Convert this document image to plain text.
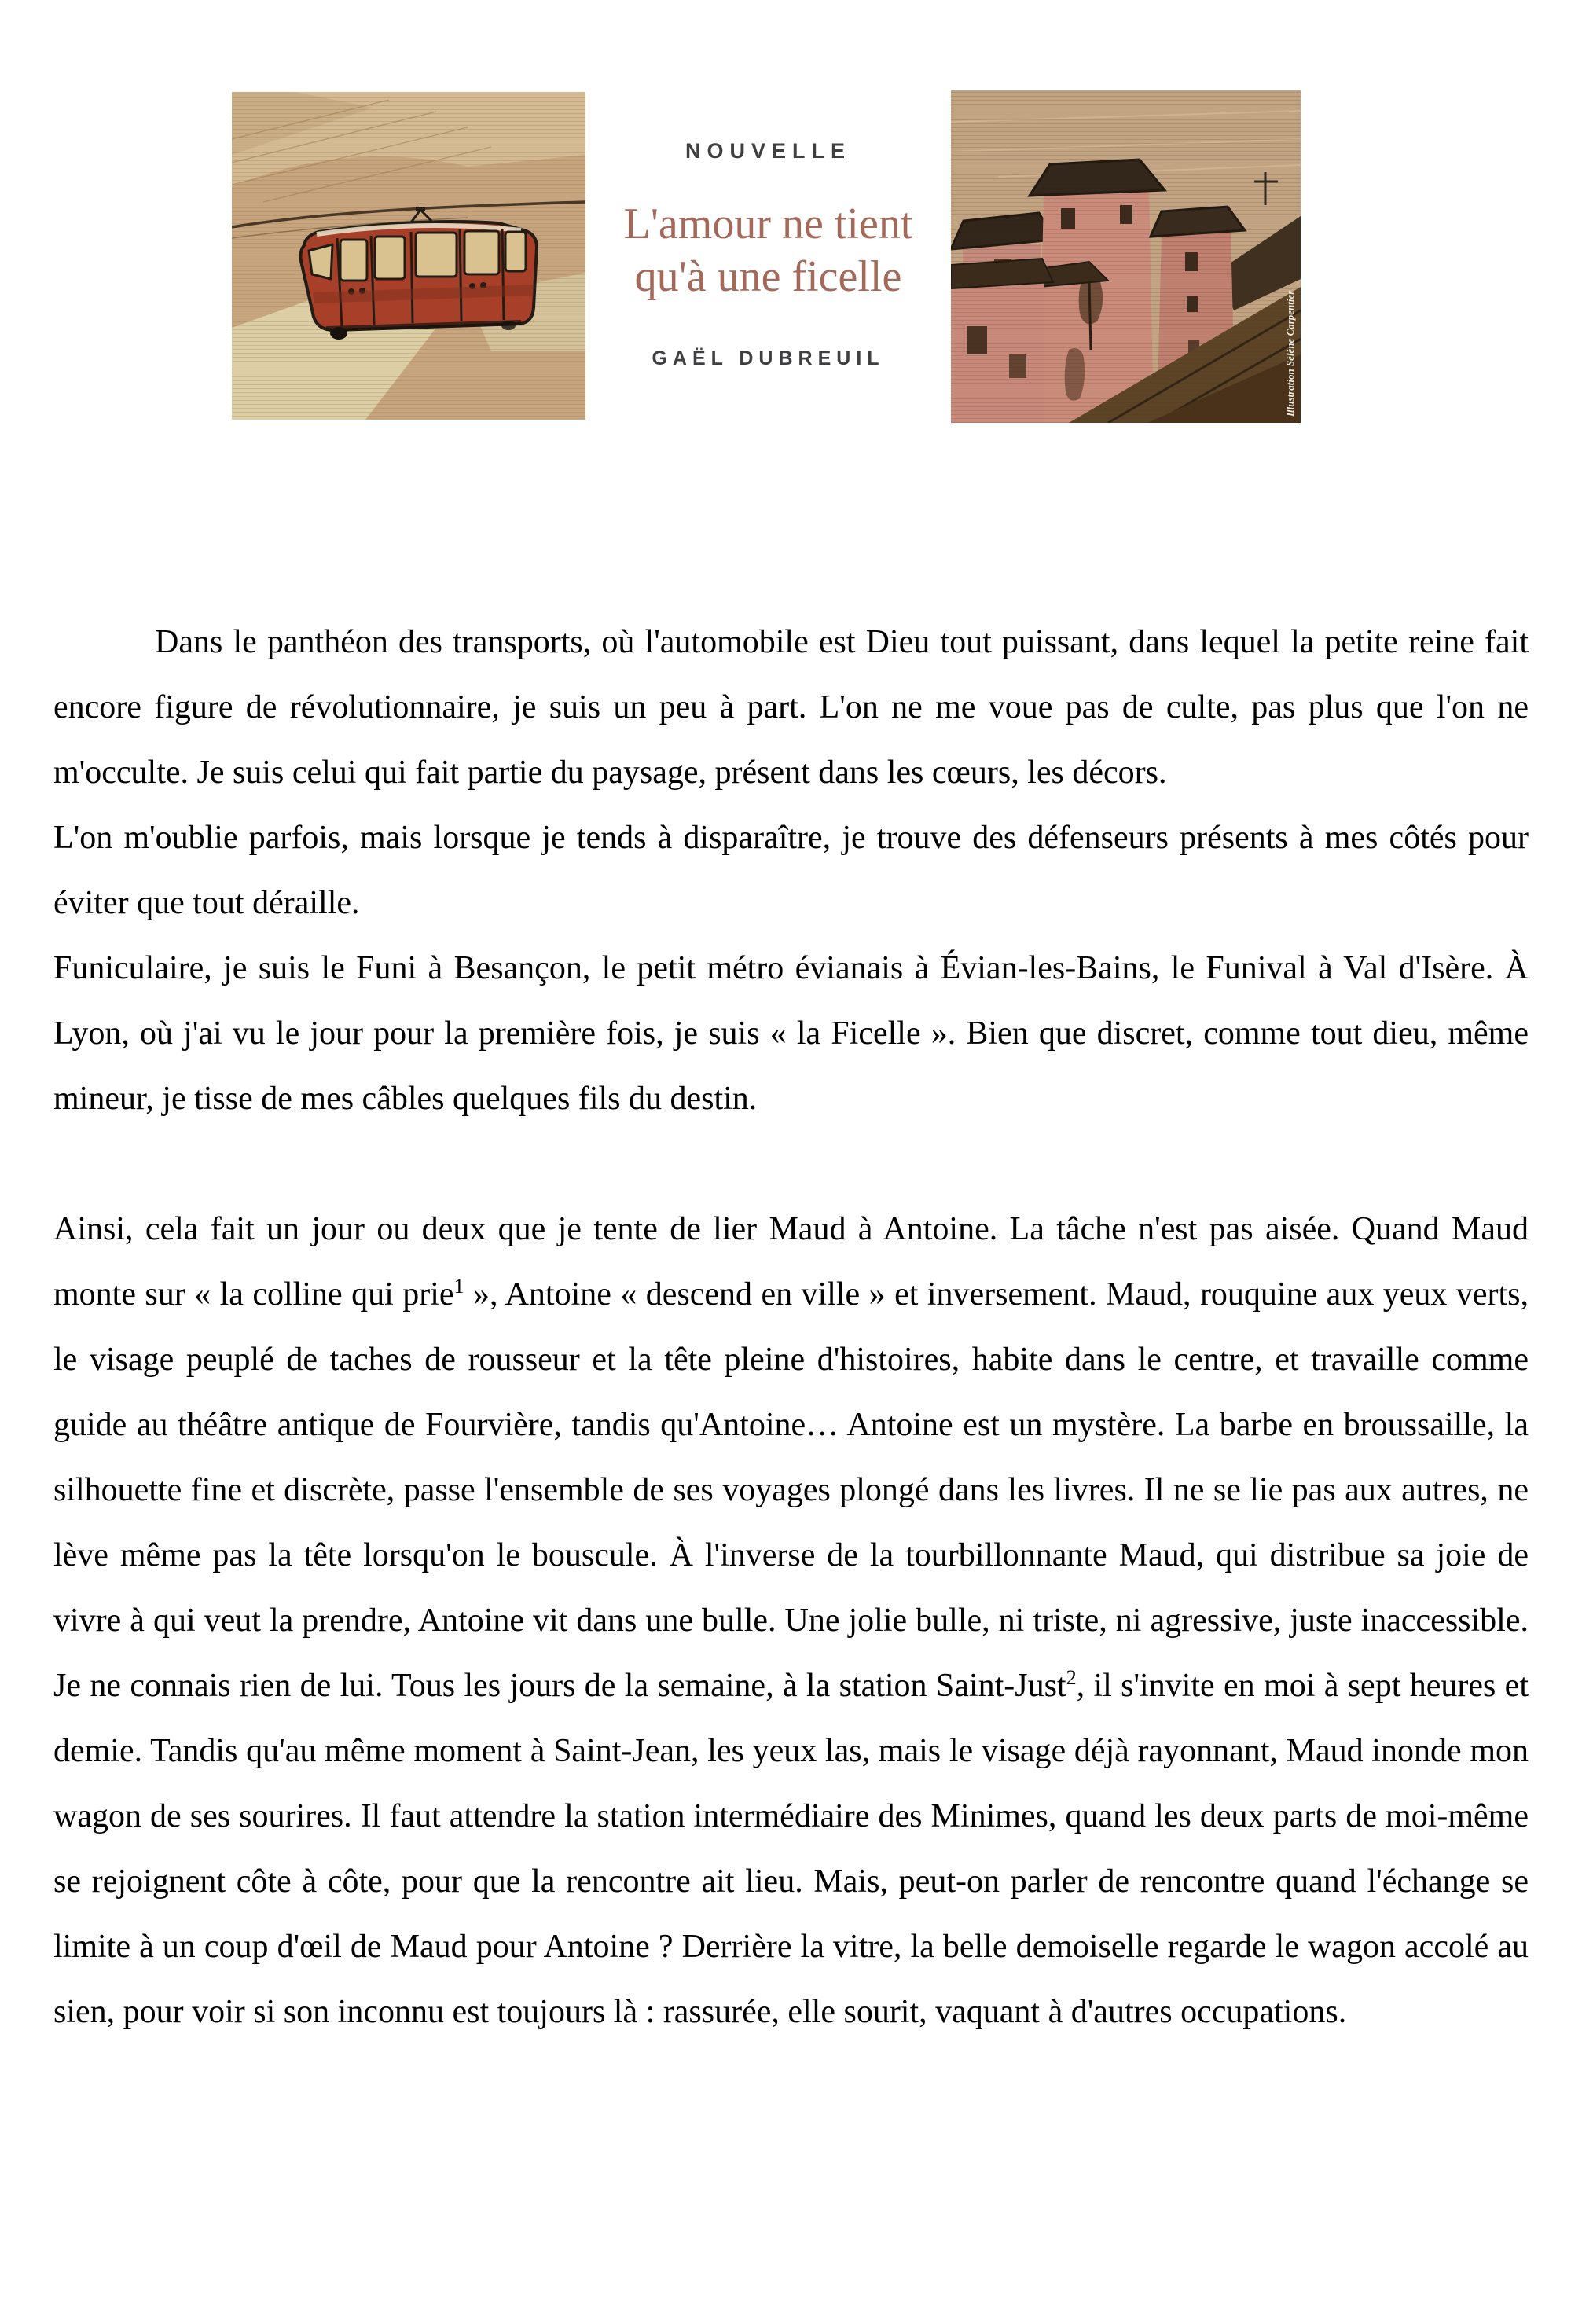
NOUVELLE
L'amour ne tient
qu'à une ficelle
GAËL DUBREUIL	Illustration Sélène Carpentier

Dans le panthéon des transports, où l'automobile est Dieu tout puissant, dans lequel la petite reine fait encore figure de révolutionnaire, je suis un peu à part. L'on ne me voue pas de culte, pas plus que l'on ne m'occulte. Je suis celui qui fait partie du paysage, présent dans les cœurs, les décors.

L'on m'oublie parfois, mais lorsque je tends à disparaître, je trouve des défenseurs présents à mes côtés pour éviter que tout déraille.

Funiculaire, je suis le Funi à Besançon, le petit métro évianais à Évian-les-Bains, le Funival à Val d'Isère. À Lyon, où j'ai vu le jour pour la première fois, je suis « la Ficelle ». Bien que discret, comme tout dieu, même mineur, je tisse de mes câbles quelques fils du destin.

Ainsi, cela fait un jour ou deux que je tente de lier Maud à Antoine. La tâche n'est pas aisée. Quand Maud monte sur « la colline qui prie$^1$ », Antoine « descend en ville » et inversement. Maud, rouquine aux yeux verts, le visage peuplé de taches de rousseur et la tête pleine d'histoires, habite dans le centre, et travaille comme guide au théâtre antique de Fourvière, tandis qu'Antoine… Antoine est un mystère. La barbe en broussaille, la silhouette fine et discrète, passe l'ensemble de ses voyages plongé dans les livres. Il ne se lie pas aux autres, ne lève même pas la tête lorsqu'on le bouscule. À l'inverse de la tourbillonnante Maud, qui distribue sa joie de vivre à qui veut la prendre, Antoine vit dans une bulle. Une jolie bulle, ni triste, ni agressive, juste inaccessible. Je ne connais rien de lui. Tous les jours de la semaine, à la station Saint-Just$^2$, il s'invite en moi à sept heures et demie. Tandis qu'au même moment à Saint-Jean, les yeux las, mais le visage déjà rayonnant, Maud inonde mon wagon de ses sourires. Il faut attendre la station intermédiaire des Minimes, quand les deux parts de moi-même se rejoignent côte à côte, pour que la rencontre ait lieu. Mais, peut-on parler de rencontre quand l'échange se limite à un coup d'œil de Maud pour Antoine ? Derrière la vitre, la belle demoiselle regarde le wagon accolé au sien, pour voir si son inconnu est toujours là : rassurée, elle sourit, vaquant à d'autres occupations.
